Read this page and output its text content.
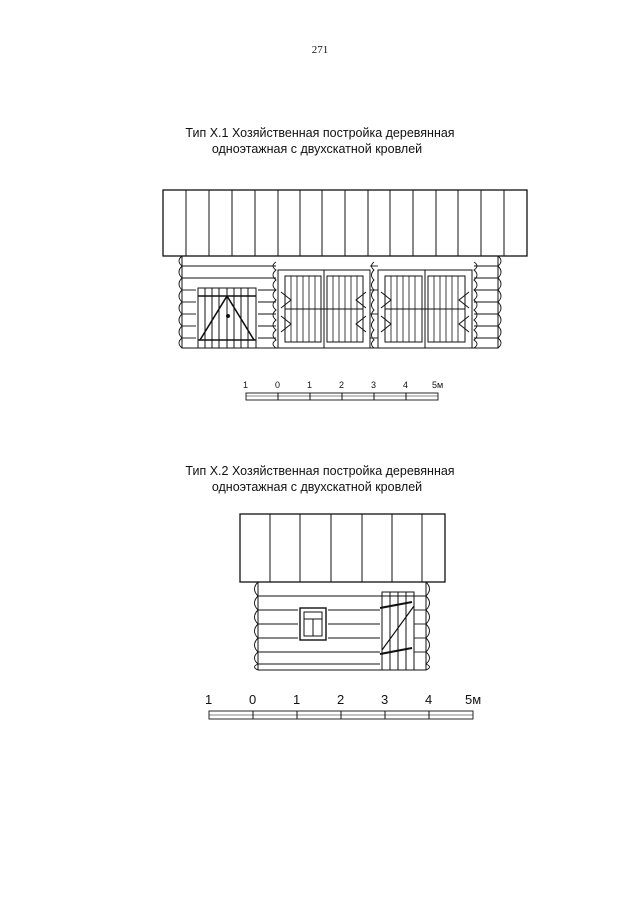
271
Тип X.1 Хозяйственная постройка деревянная
одноэтажная с двухскатной кровлей
1	0	1	2	3	4	5м
Тип X.2 Хозяйственная постройка деревянная
одноэтажная с двухскатной кровлей
1	0	1	2	3	4	5м
